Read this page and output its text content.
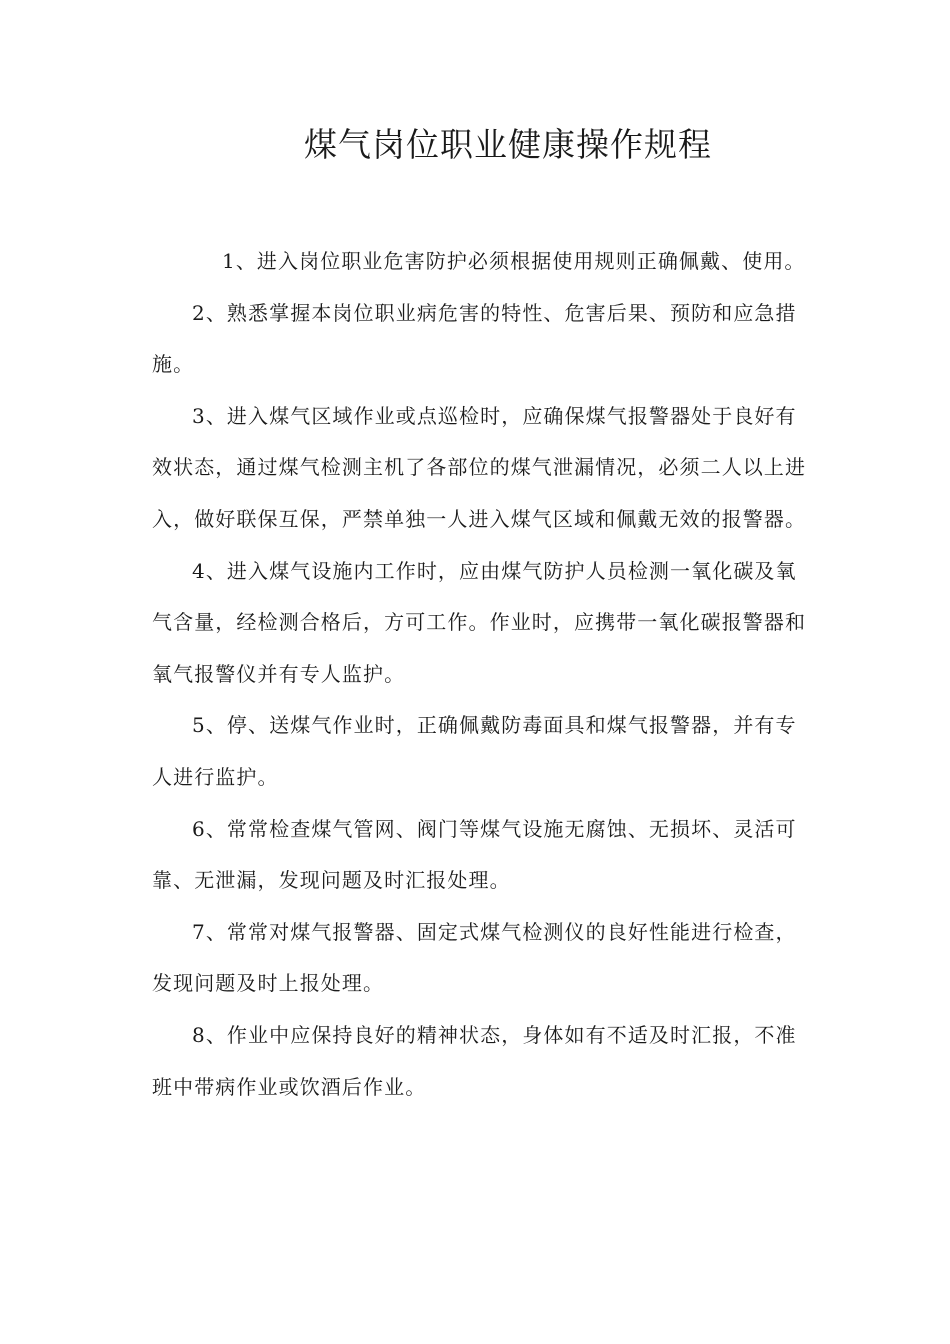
煤气岗位职业健康操作规程

1、进入岗位职业危害防护必须根据使用规则正确佩戴、使用。

2、熟悉掌握本岗位职业病危害的特性、危害后果、预防和应急措施。

3、进入煤气区域作业或点巡检时，应确保煤气报警器处于良好有效状态，通过煤气检测主机了各部位的煤气泄漏情况，必须二人以上进入，做好联保互保，严禁单独一人进入煤气区域和佩戴无效的报警器。

4、进入煤气设施内工作时，应由煤气防护人员检测一氧化碳及氧气含量，经检测合格后，方可工作。作业时，应携带一氧化碳报警器和氧气报警仪并有专人监护。

5、停、送煤气作业时，正确佩戴防毒面具和煤气报警器，并有专人进行监护。

6、常常检查煤气管网、阀门等煤气设施无腐蚀、无损坏、灵活可靠、无泄漏，发现问题及时汇报处理。

7、常常对煤气报警器、固定式煤气检测仪的良好性能进行检查，发现问题及时上报处理。

8、作业中应保持良好的精神状态，身体如有不适及时汇报，不准班中带病作业或饮酒后作业。
